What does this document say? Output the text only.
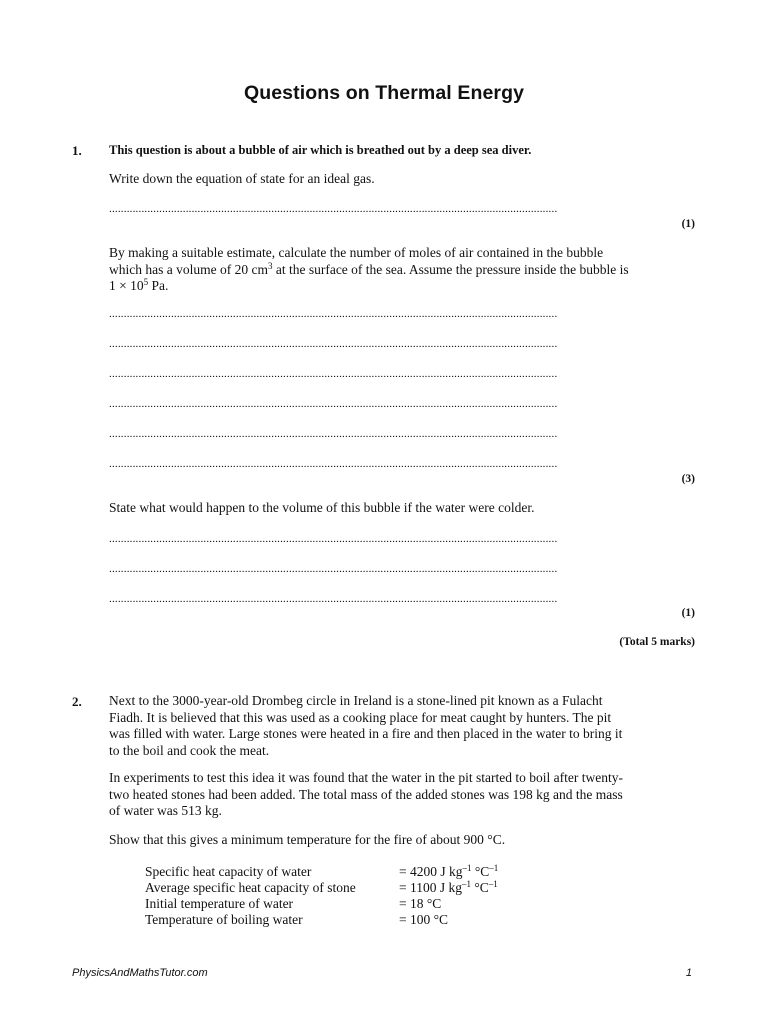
Questions on Thermal Energy
1. This question is about a bubble of air which is breathed out by a deep sea diver.
Write down the equation of state for an ideal gas.
........................................................................................................................................................
(1)
By making a suitable estimate, calculate the number of moles of air contained in the bubble
which has a volume of 20 $cm^3$ at the surface of the sea. Assume the pressure inside the bubble is
$1 \times 10^5$ Pa.
........................................................................................................................................................
........................................................................................................................................................
........................................................................................................................................................
........................................................................................................................................................
........................................................................................................................................................
........................................................................................................................................................
(3)
State what would happen to the volume of this bubble if the water were colder.
........................................................................................................................................................
........................................................................................................................................................
........................................................................................................................................................
(1)
(Total 5 marks)
2. Next to the 3000-year-old Drombeg circle in Ireland is a stone-lined pit known as a Fulacht
Fiadh. It is believed that this was used as a cooking place for meat caught by hunters. The pit
was filled with water. Large stones were heated in a fire and then placed in the water to bring it
to the boil and cook the meat.
In experiments to test this idea it was found that the water in the pit started to boil after twenty-
two heated stones had been added. The total mass of the added stones was 198 kg and the mass
of water was 513 kg.
Show that this gives a minimum temperature for the fire of about 900 °C.
Specific heat capacity of water	= 4200 J $kg^{-1}$ $^\circ C^{-1}$
Average specific heat capacity of stone	= 1100 J $kg^{-1}$ $^\circ C^{-1}$
Initial temperature of water	= 18 °C
Temperature of boiling water	= 100 °C
PhysicsAndMathsTutor.com	1
